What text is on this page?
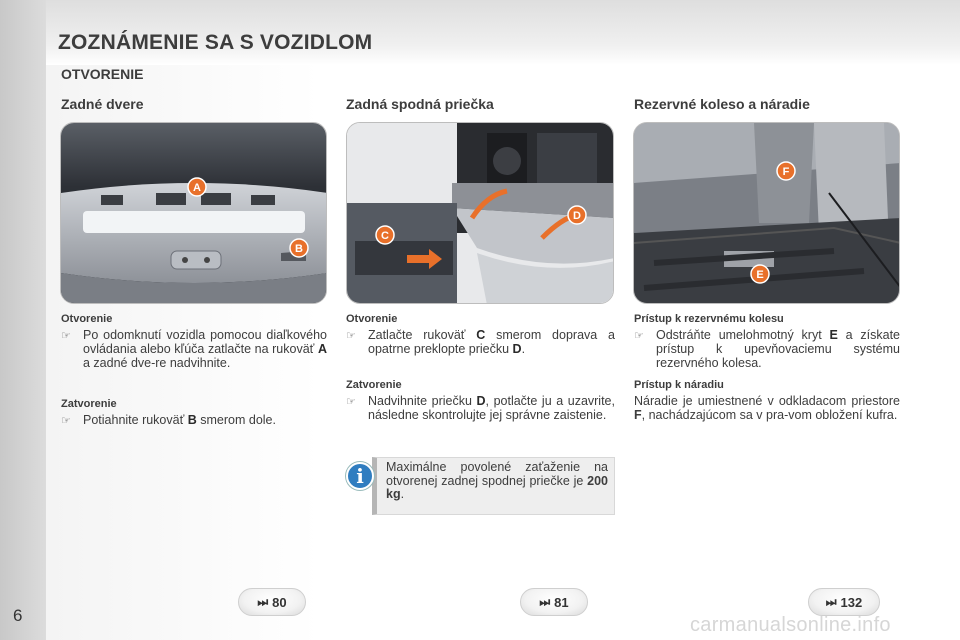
ZOZNÁMENIE SA S VOZIDLOM
OTVORENIE
Zadné dvere	Zadná spodná priečka	Rezervné koleso a náradie
A
B
C
D
F
E
Otvorenie
☞ Po odomknutí vozidla pomocou diaľkového ovládania alebo kľúča zatlačte na rukoväť A a zadné dve-re nadvihnite.
Zatvorenie
☞ Potiahnite rukoväť B smerom dole.
Otvorenie
☞ Zatlačte rukoväť C smerom doprava a opatrne preklopte priečku D.
Zatvorenie
☞ Nadvihnite priečku D, potlačte ju a uzavrite, následne skontrolujte jej správne zaistenie.
i	Maximálne povolené zaťaženie na otvorenej zadnej spodnej priečke je 200 kg.
Prístup k rezervnému kolesu
☞ Odstráňte umelohmotný kryt E a získate prístup k upevňovaciemu systému rezervného kolesa.
Prístup k náradiu
Náradie je umiestnené v odkladacom priestore F, nachádzajúcom sa v pra-vom obložení kufra.
⏭ 80	⏭ 81	⏭ 132
6	carmanualsonline.info
